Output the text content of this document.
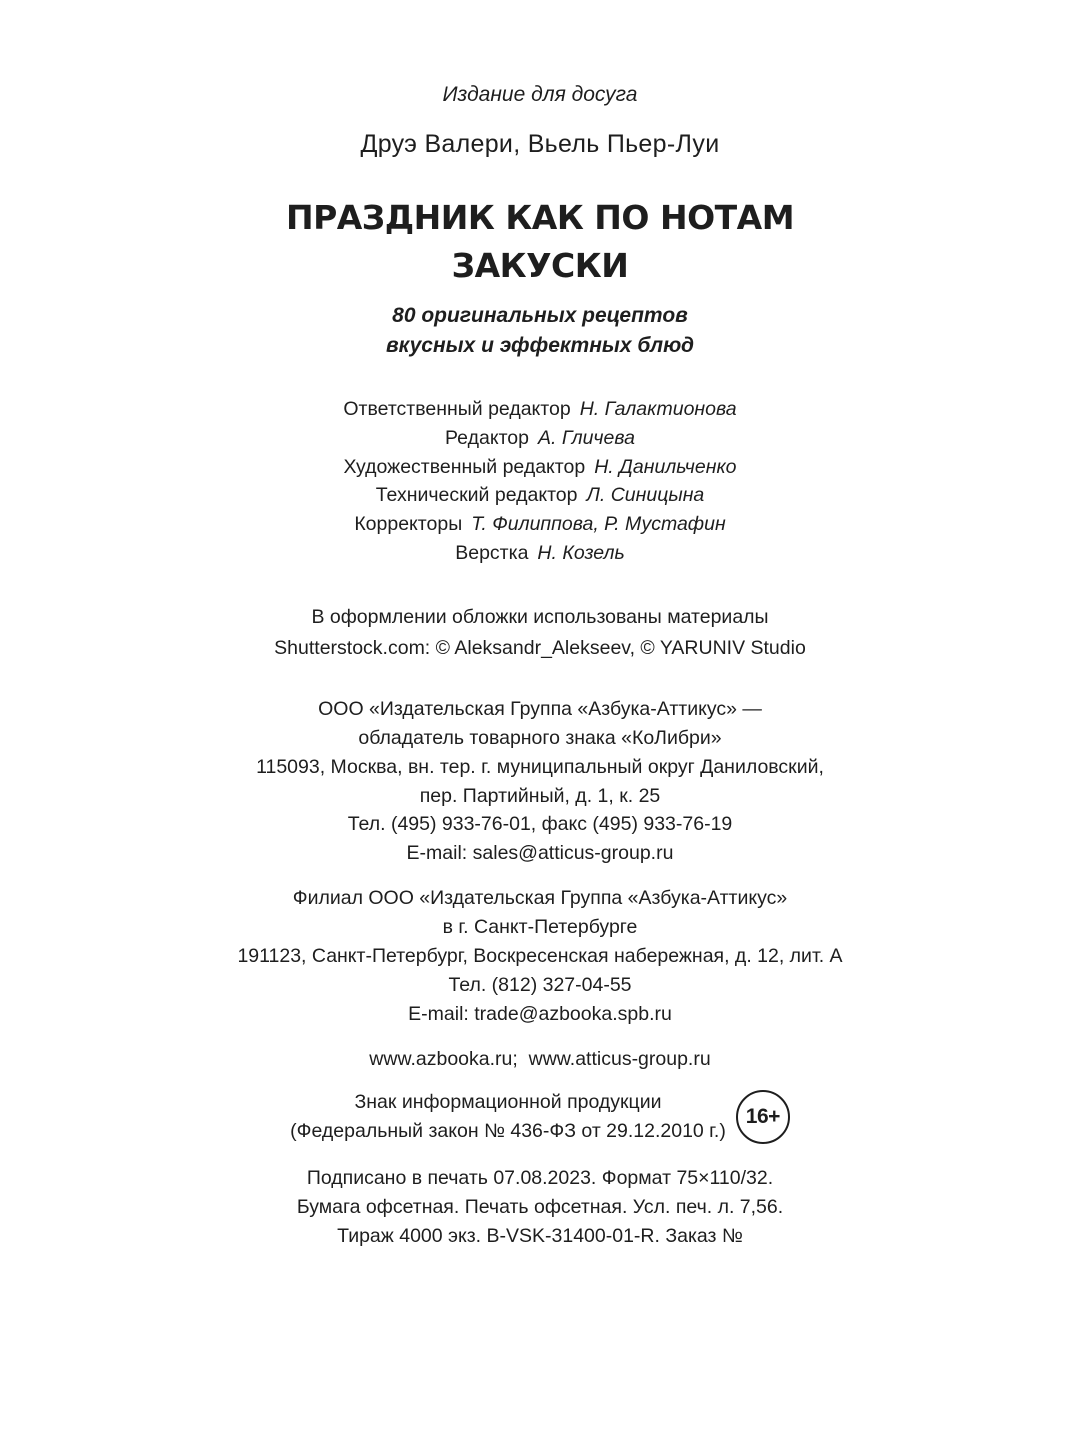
Издание для досуга
Друэ Валери, Вьель Пьер-Луи
ПРАЗДНИК КАК ПО НОТАМ
ЗАКУСКИ
80 оригинальных рецептов
вкусных и эффектных блюд
Ответственный редактор Н. Галактионова
Редактор А. Гличева
Художественный редактор Н. Данильченко
Технический редактор Л. Синицына
Корректоры Т. Филиппова, Р. Мустафин
Верстка Н. Козель
В оформлении обложки использованы материалы
Shutterstock.com: © Aleksandr_Alekseev, © YARUNIV Studio
ООО «Издательская Группа «Азбука-Аттикус» —
обладатель товарного знака «КоЛибри»
115093, Москва, вн. тер. г. муниципальный округ Даниловский,
пер. Партийный, д. 1, к. 25
Тел. (495) 933-76-01, факс (495) 933-76-19
E-mail: sales@atticus-group.ru
Филиал ООО «Издательская Группа «Азбука-Аттикус»
в г. Санкт-Петербурге
191123, Санкт-Петербург, Воскресенская набережная, д. 12, лит. А
Тел. (812) 327-04-55
E-mail: trade@azbooka.spb.ru
www.azbooka.ru;  www.atticus-group.ru
Знак информационной продукции
(Федеральный закон № 436-ФЗ от 29.12.2010 г.)
16+
Подписано в печать 07.08.2023. Формат 75×110/32.
Бумага офсетная. Печать офсетная. Усл. печ. л. 7,56.
Тираж 4000 экз. B-VSK-31400-01-R. Заказ №
